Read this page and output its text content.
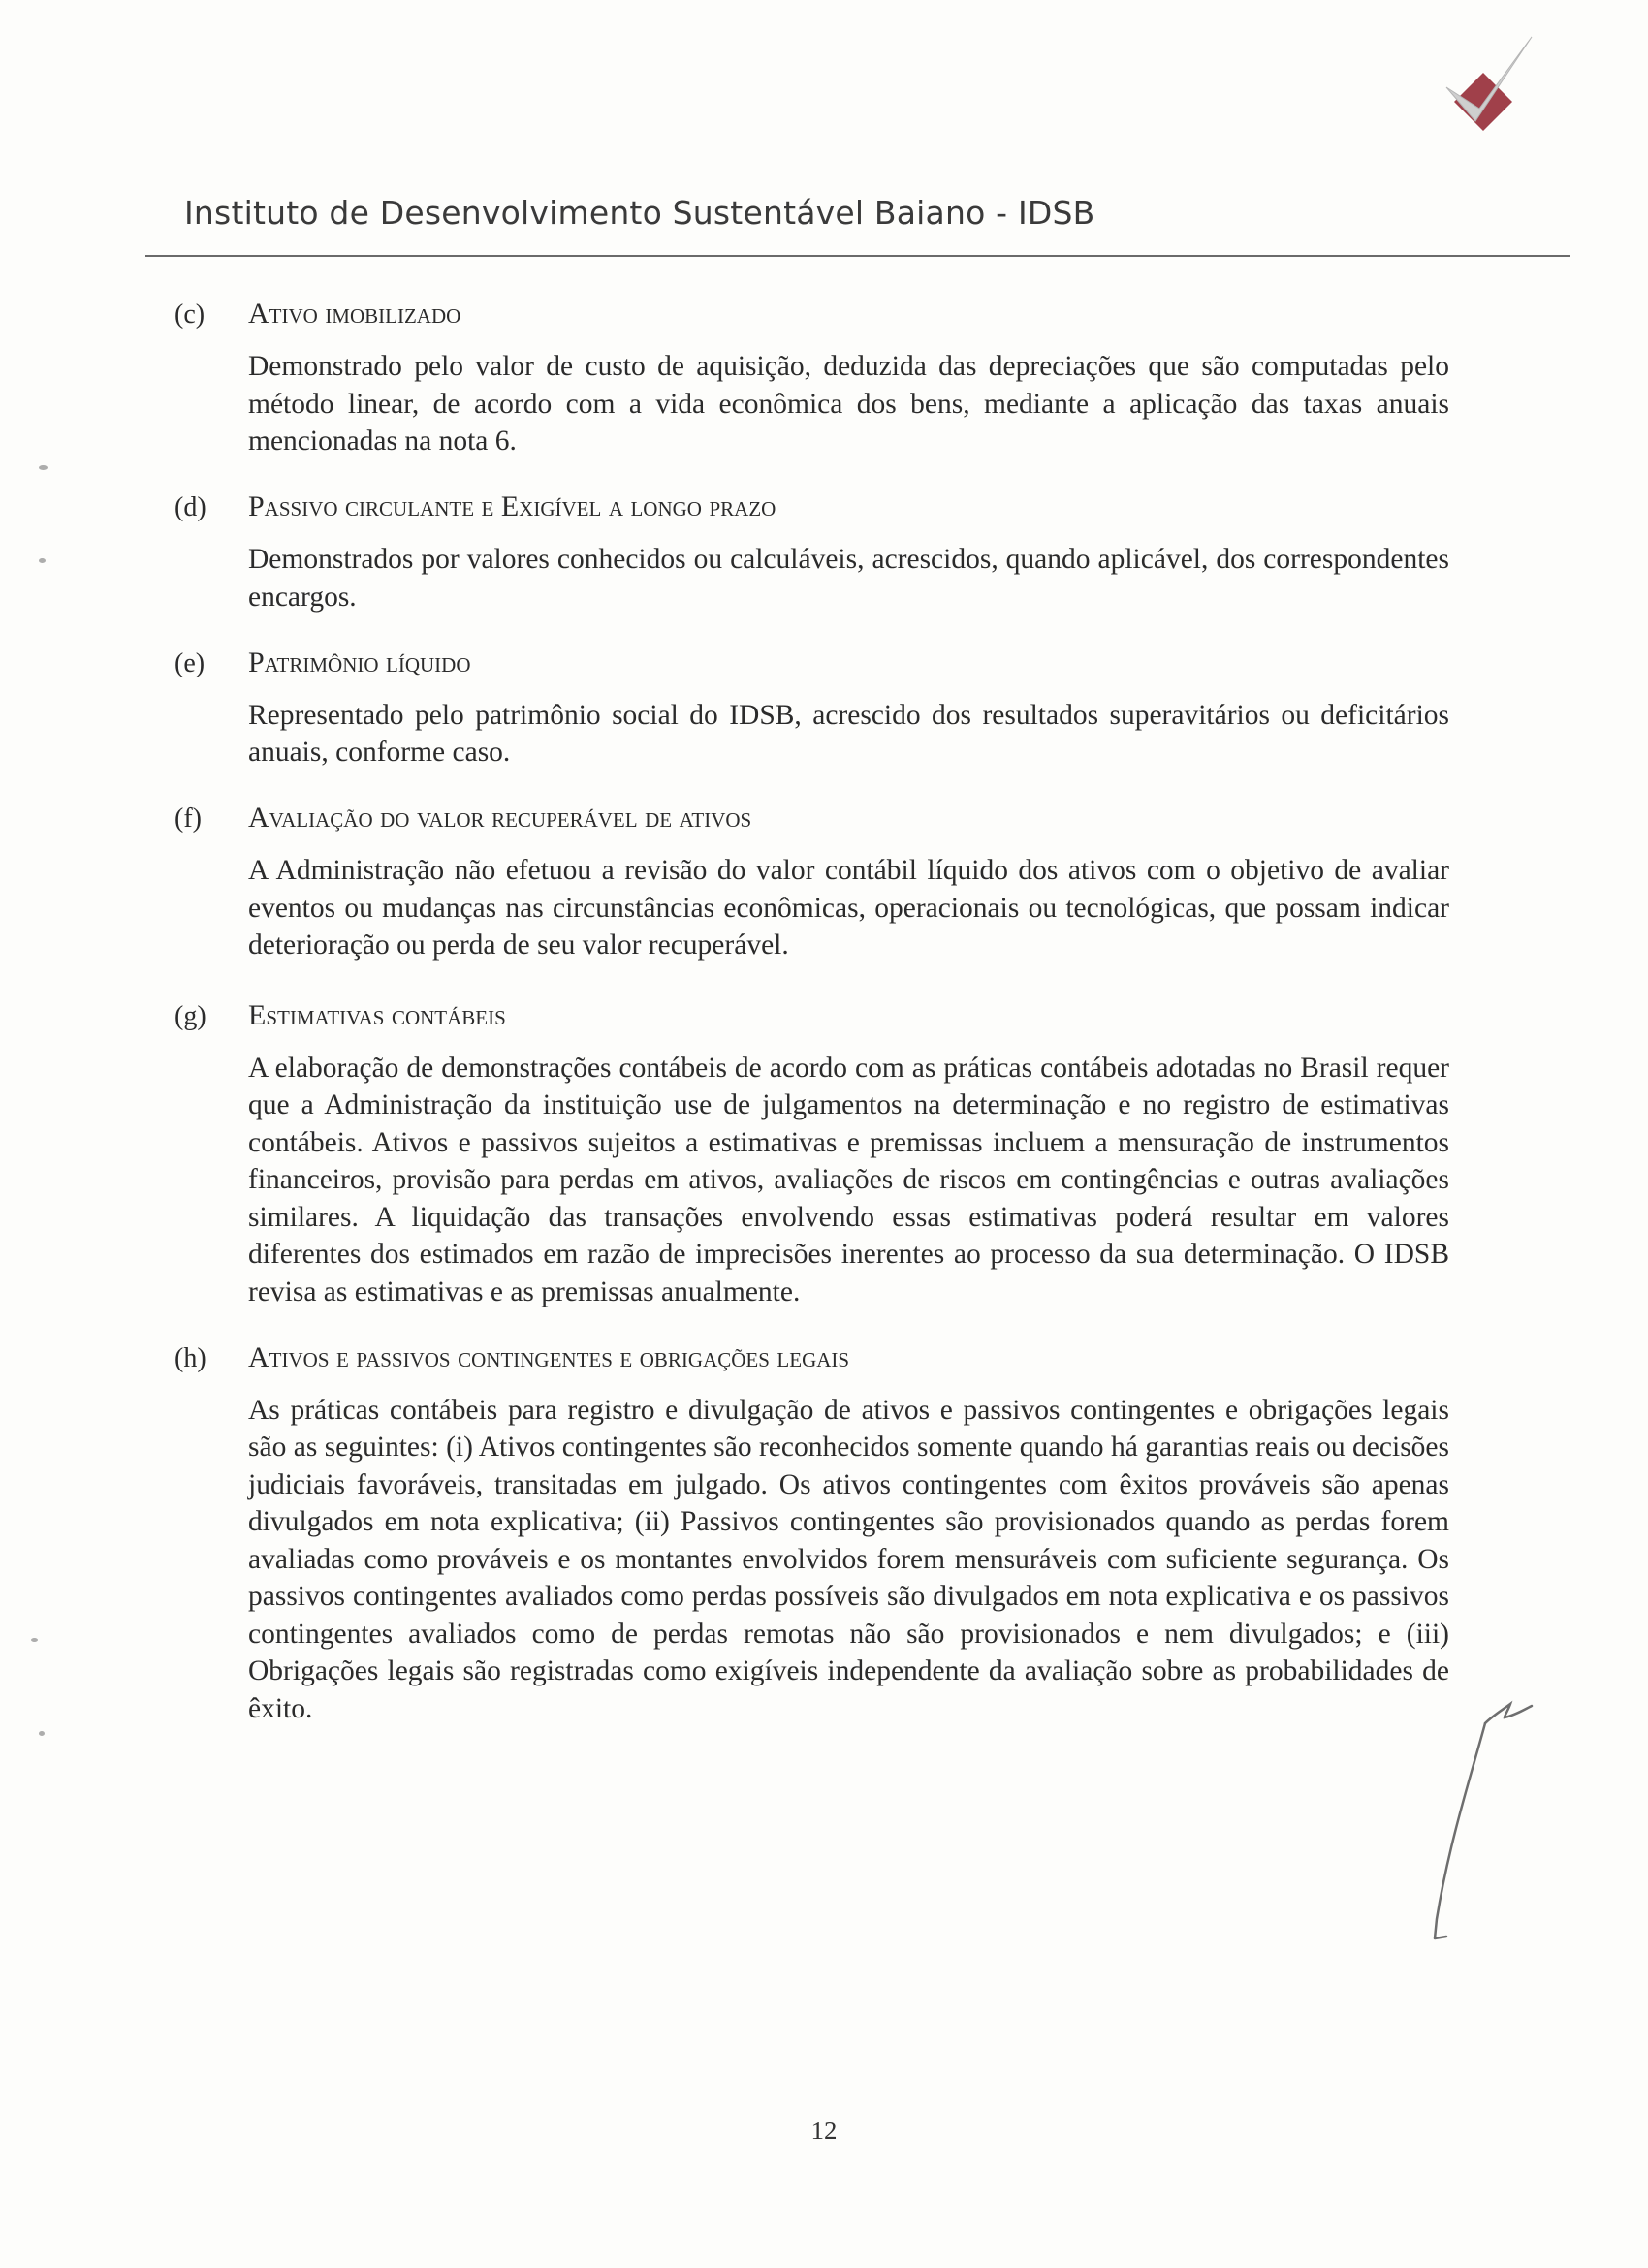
Instituto de Desenvolvimento Sustentável Baiano - IDSB
(c)	Ativo imobilizado

Demonstrado pelo valor de custo de aquisição, deduzida das depreciações que são computadas pelo método linear, de acordo com a vida econômica dos bens, mediante a aplicação das taxas anuais mencionadas na nota 6.

(d)	Passivo circulante e Exigível a longo prazo

Demonstrados por valores conhecidos ou calculáveis, acrescidos, quando aplicável, dos correspondentes encargos.

(e)	Patrimônio líquido

Representado pelo patrimônio social do IDSB, acrescido dos resultados superavitários ou deficitários anuais, conforme caso.

(f)	Avaliação do valor recuperável de ativos

A Administração não efetuou a revisão do valor contábil líquido dos ativos com o objetivo de avaliar eventos ou mudanças nas circunstâncias econômicas, operacionais ou tecnológicas, que possam indicar deterioração ou perda de seu valor recuperável.

(g)	Estimativas contábeis

A elaboração de demonstrações contábeis de acordo com as práticas contábeis adotadas no Brasil requer que a Administração da instituição use de julgamentos na determinação e no registro de estimativas contábeis. Ativos e passivos sujeitos a estimativas e premissas incluem a mensuração de instrumentos financeiros, provisão para perdas em ativos, avaliações de riscos em contingências e outras avaliações similares. A liquidação das transações envolvendo essas estimativas poderá resultar em valores diferentes dos estimados em razão de imprecisões inerentes ao processo da sua determinação. O IDSB revisa as estimativas e as premissas anualmente.

(h)	Ativos e passivos contingentes e obrigações legais

As práticas contábeis para registro e divulgação de ativos e passivos contingentes e obrigações legais são as seguintes: (i) Ativos contingentes são reconhecidos somente quando há garantias reais ou decisões judiciais favoráveis, transitadas em julgado. Os ativos contingentes com êxitos prováveis são apenas divulgados em nota explicativa; (ii) Passivos contingentes são provisionados quando as perdas forem avaliadas como prováveis e os montantes envolvidos forem mensuráveis com suficiente segurança. Os passivos contingentes avaliados como perdas possíveis são divulgados em nota explicativa e os passivos contingentes avaliados como de perdas remotas não são provisionados e nem divulgados; e (iii) Obrigações legais são registradas como exigíveis independente da avaliação sobre as probabilidades de êxito.

12
